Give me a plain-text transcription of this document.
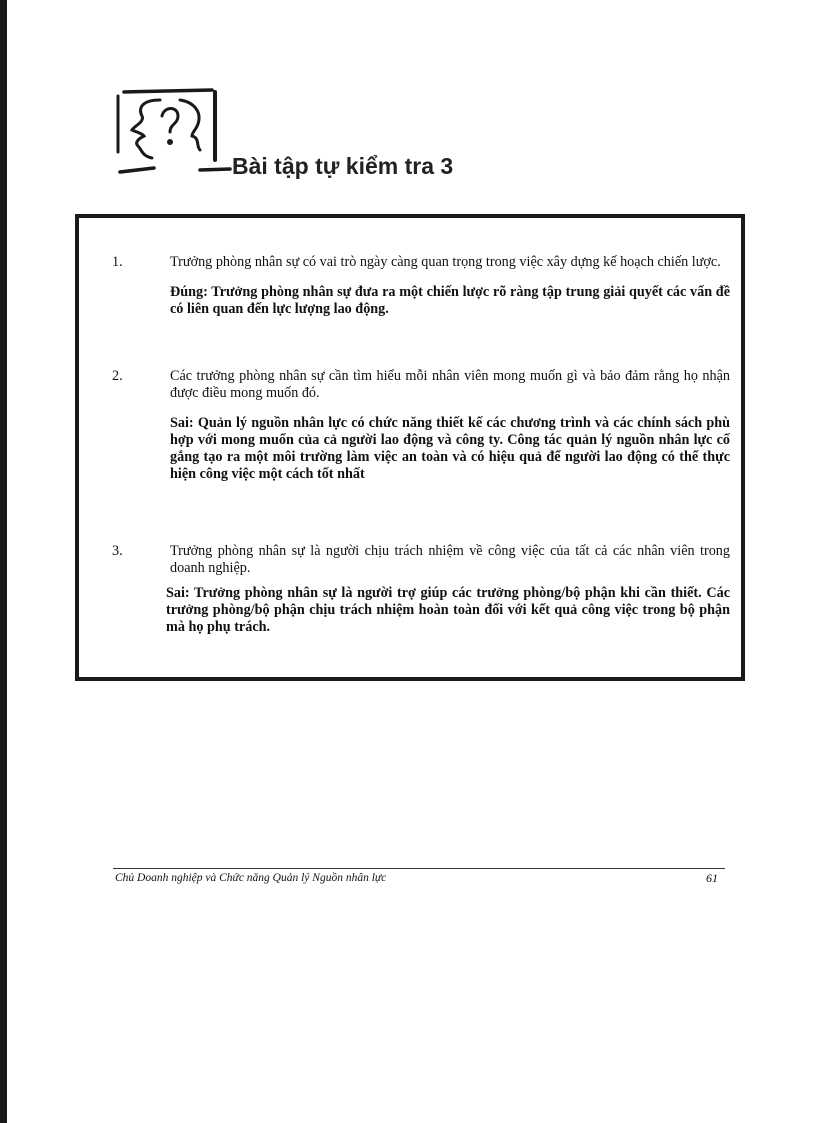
Bài tập tự kiểm tra 3
1.	Trưởng phòng nhân sự có vai trò ngày càng quan trọng trong việc xây dựng kế hoạch chiến lược.

Đúng: Trưởng phòng nhân sự đưa ra một chiến lược rõ ràng tập trung giải quyết các vấn đề có liên quan đến lực lượng lao động.

2.	Các trưởng phòng nhân sự cần tìm hiểu mỗi nhân viên mong muốn gì và bảo đảm rằng họ nhận được điều mong muốn đó.

Sai: Quản lý nguồn nhân lực có chức năng thiết kế các chương trình và các chính sách phù hợp với mong muốn của cả người lao động và công ty. Công tác quản lý nguồn nhân lực cố gắng tạo ra một môi trường làm việc an toàn và có hiệu quả để người lao động có thể thực hiện công việc một cách tốt nhất

3.	Trưởng phòng nhân sự là người chịu trách nhiệm về công việc của tất cả các nhân viên trong doanh nghiệp.

Sai: Trưởng phòng nhân sự là người trợ giúp các trưởng phòng/bộ phận khi cần thiết. Các trưởng phòng/bộ phận chịu trách nhiệm hoàn toàn đối với kết quả công việc trong bộ phận mà họ phụ trách.

Chủ Doanh nghiệp và Chức năng Quản lý Nguồn nhân lực	61
